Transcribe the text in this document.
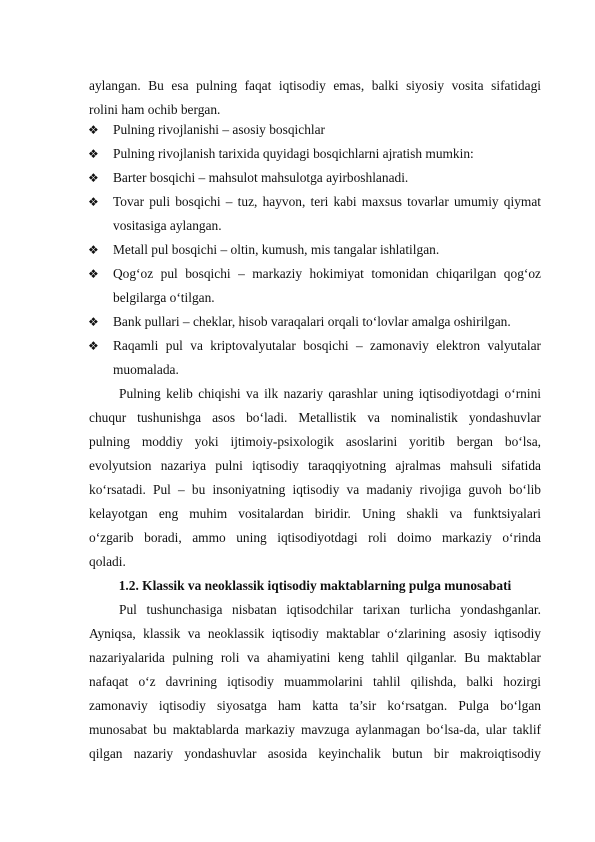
aylangan. Bu esa pulning faqat iqtisodiy emas, balki siyosiy vosita sifatidagi
rolini ham ochib bergan.
❖ Pulning rivojlanishi – asosiy bosqichlar
❖ Pulning rivojlanish tarixida quyidagi bosqichlarni ajratish mumkin:
❖ Barter bosqichi – mahsulot mahsulotga ayirboshlanadi.
❖ Tovar puli bosqichi – tuz, hayvon, teri kabi maxsus tovarlar umumiy qiymat
vositasiga aylangan.
❖ Metall pul bosqichi – oltin, kumush, mis tangalar ishlatilgan.
❖ Qog‘oz pul bosqichi – markaziy hokimiyat tomonidan chiqarilgan qog‘oz
belgilarga o‘tilgan.
❖ Bank pullari – cheklar, hisob varaqalari orqali to‘lovlar amalga oshirilgan.
❖ Raqamli pul va kriptovalyutalar bosqichi – zamonaviy elektron valyutalar
muomalada.
Pulning kelib chiqishi va ilk nazariy qarashlar uning iqtisodiyotdagi o‘rnini
chuqur tushunishga asos bo‘ladi. Metallistik va nominalistik yondashuvlar
pulning moddiy yoki ijtimoiy-psixologik asoslarini yoritib bergan bo‘lsa,
evolyutsion nazariya pulni iqtisodiy taraqqiyotning ajralmas mahsuli sifatida
ko‘rsatadi. Pul – bu insoniyatning iqtisodiy va madaniy rivojiga guvoh bo‘lib
kelayotgan eng muhim vositalardan biridir. Uning shakli va funktsiyalari
o‘zgarib boradi, ammo uning iqtisodiyotdagi roli doimo markaziy o‘rinda
qoladi.
1.2. Klassik va neoklassik iqtisodiy maktablarning pulga munosabati
Pul tushunchasiga nisbatan iqtisodchilar tarixan turlicha yondashganlar.
Ayniqsa, klassik va neoklassik iqtisodiy maktablar o‘zlarining asosiy iqtisodiy
nazariyalarida pulning roli va ahamiyatini keng tahlil qilganlar. Bu maktablar
nafaqat o‘z davrining iqtisodiy muammolarini tahlil qilishda, balki hozirgi
zamonaviy iqtisodiy siyosatga ham katta ta’sir ko‘rsatgan. Pulga bo‘lgan
munosabat bu maktablarda markaziy mavzuga aylanmagan bo‘lsa-da, ular taklif
qilgan nazariy yondashuvlar asosida keyinchalik butun bir makroiqtisodiy
